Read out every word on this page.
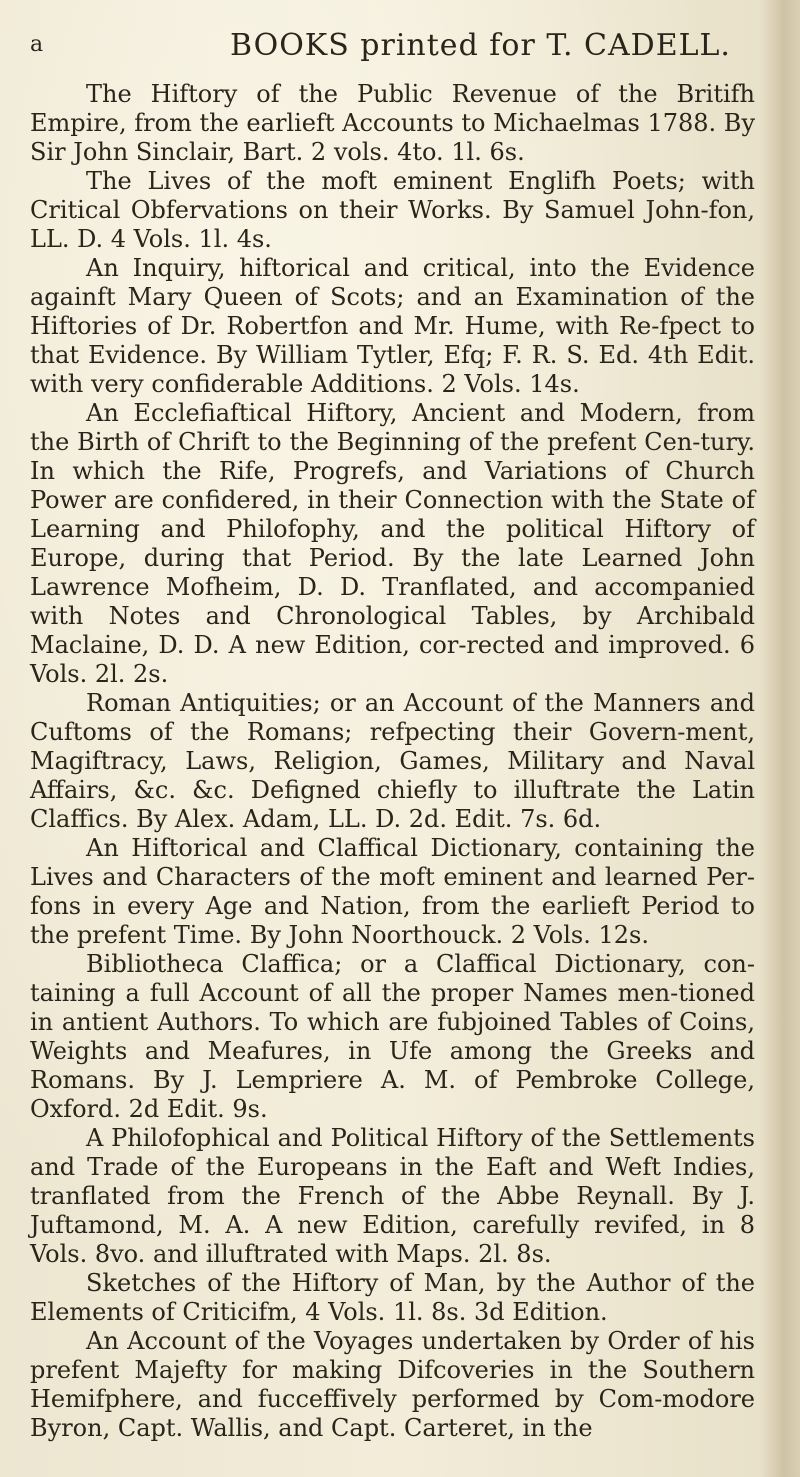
a	BOOKS printed for T. CADELL.

The Hiftory of the Public Revenue of the Britifh Empire, from the earlieft Accounts to Michaelmas 1788. By Sir John Sinclair, Bart. 2 vols. 4to. 1l. 6s.

The Lives of the moft eminent Englifh Poets; with Critical Obfervations on their Works. By Samuel John-fon, LL. D. 4 Vols. 1l. 4s.

An Inquiry, hiftorical and critical, into the Evidence againft Mary Queen of Scots; and an Examination of the Hiftories of Dr. Robertfon and Mr. Hume, with Re-fpect to that Evidence. By William Tytler, Efq; F. R. S. Ed. 4th Edit. with very confiderable Additions. 2 Vols. 14s.

An Ecclefiaftical Hiftory, Ancient and Modern, from the Birth of Chrift to the Beginning of the prefent Cen-tury. In which the Rife, Progrefs, and Variations of Church Power are confidered, in their Connection with the State of Learning and Philofophy, and the political Hiftory of Europe, during that Period. By the late Learned John Lawrence Mofheim, D. D. Tranflated, and accompanied with Notes and Chronological Tables, by Archibald Maclaine, D. D. A new Edition, cor-rected and improved. 6 Vols. 2l. 2s.

Roman Antiquities; or an Account of the Manners and Cuftoms of the Romans; refpecting their Govern-ment, Magiftracy, Laws, Religion, Games, Military and Naval Affairs, &c. &c. Defigned chiefly to illuftrate the Latin Claffics. By Alex. Adam, LL. D. 2d. Edit. 7s. 6d.

An Hiftorical and Claffical Dictionary, containing the Lives and Characters of the moft eminent and learned Per-fons in every Age and Nation, from the earlieft Period to the prefent Time. By John Noorthouck. 2 Vols. 12s.

Bibliotheca Claffica; or a Claffical Dictionary, con-taining a full Account of all the proper Names men-tioned in antient Authors. To which are fubjoined Tables of Coins, Weights and Meafures, in Ufe among the Greeks and Romans. By J. Lempriere A. M. of Pembroke College, Oxford. 2d Edit. 9s.

A Philofophical and Political Hiftory of the Settlements and Trade of the Europeans in the Eaft and Weft Indies, tranflated from the French of the Abbe Reynall. By J. Juftamond, M. A. A new Edition, carefully revifed, in 8 Vols. 8vo. and illuftrated with Maps. 2l. 8s.

Sketches of the Hiftory of Man, by the Author of the Elements of Criticifm, 4 Vols. 1l. 8s. 3d Edition.

An Account of the Voyages undertaken by Order of his prefent Majefty for making Difcoveries in the Southern Hemifphere, and fucceffively performed by Com-modore Byron, Capt. Wallis, and Capt. Carteret, in the
